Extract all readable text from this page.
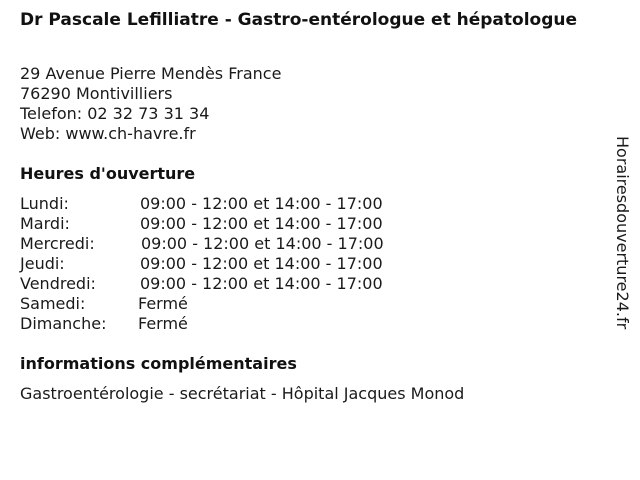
Dr Pascale Lefilliatre - Gastro-entérologue et hépatologue
29 Avenue Pierre Mendès France
76290 Montivilliers
Telefon: 02 32 73 31 34
Web: www.ch-havre.fr
Heures d'ouverture
Lundi:	09:00 - 12:00 et 14:00 - 17:00
Mardi:	09:00 - 12:00 et 14:00 - 17:00
Mercredi:	09:00 - 12:00 et 14:00 - 17:00
Jeudi:	09:00 - 12:00 et 14:00 - 17:00
Vendredi:	09:00 - 12:00 et 14:00 - 17:00
Samedi:	Fermé
Dimanche: Fermé
informations complémentaires
Gastroentérologie - secrétariat - Hôpital Jacques Monod
Horairesdouverture24.fr
